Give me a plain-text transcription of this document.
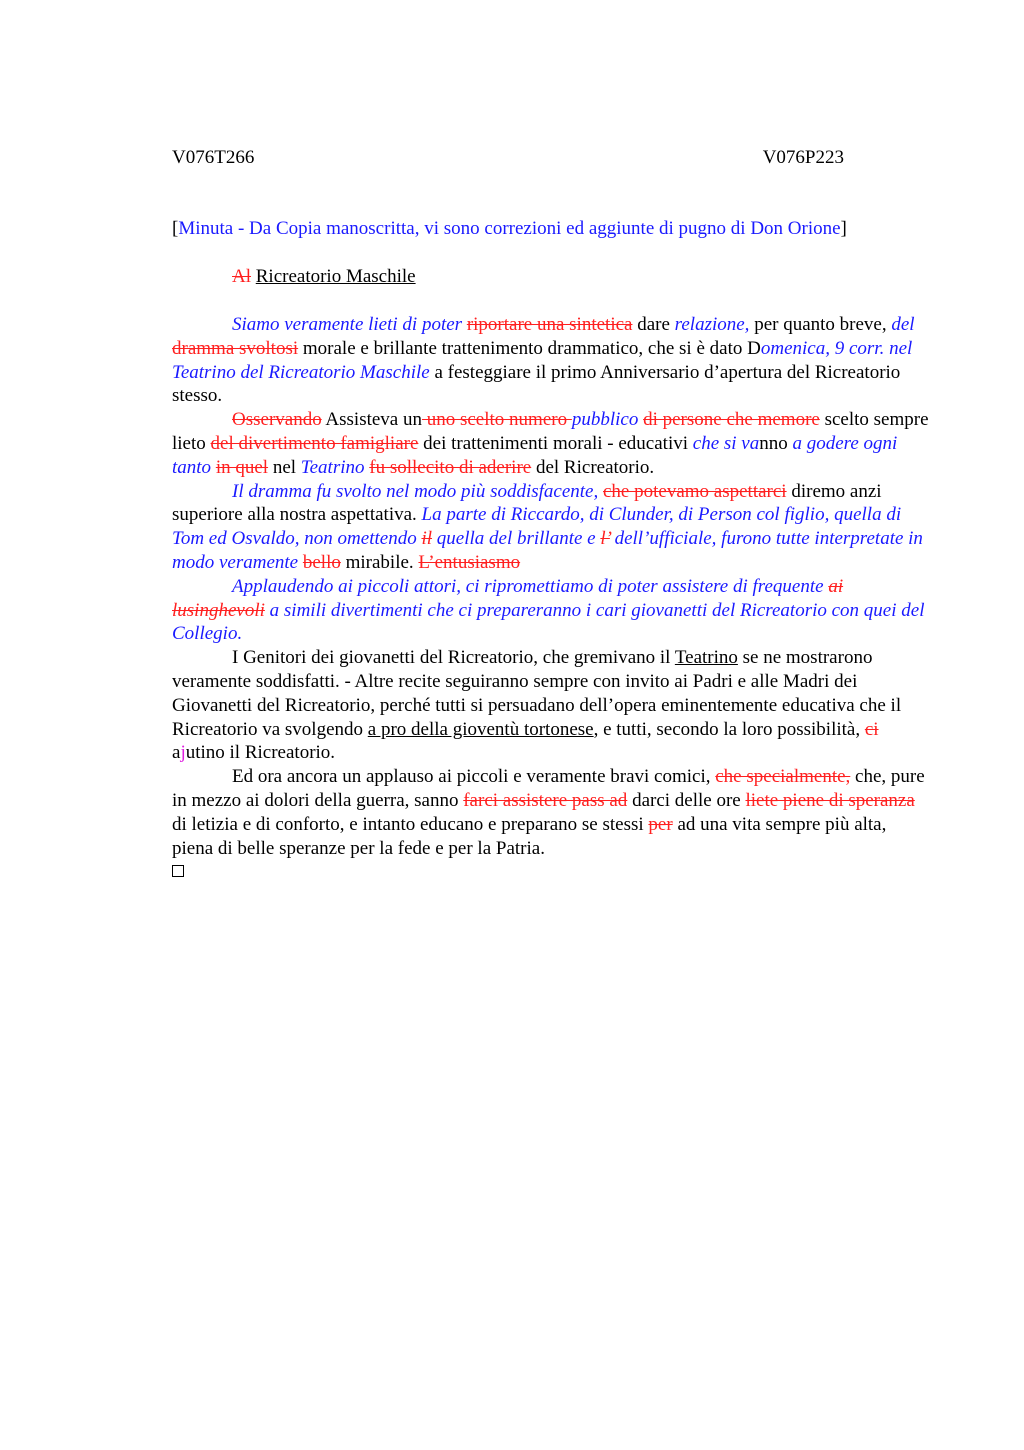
V076T266	V076P223
[Minuta - Da Copia manoscritta, vi sono correzioni ed aggiunte di pugno di Don Orione]
Al Ricreatorio Maschile

Siamo veramente lieti di poter riportare una sintetica dare relazione, per quanto breve, del dramma svoltosi morale e brillante trattenimento drammatico, che si è dato Domenica, 9 corr. nel Teatrino del Ricreatorio Maschile a festeggiare il primo Anniversario d’apertura del Ricreatorio stesso.

Osservando Assisteva un uno scelto numero pubblico di persone che memore scelto sempre lieto del divertimento famigliare dei trattenimenti morali - educativi che si vanno a godere ogni tanto in quel nel Teatrino fu sollecito di aderire del Ricreatorio.

Il dramma fu svolto nel modo più soddisfacente, che potevamo aspettarci diremo anzi superiore alla nostra aspettativa. La parte di Riccardo, di Clunder, di Person col figlio, quella di Tom ed Osvaldo, non omettendo il quella del brillante e l’ dell’ufficiale, furono tutte interpretate in modo veramente bello mirabile. L’entusiasmo

Applaudendo ai piccoli attori, ci ripromettiamo di poter assistere di frequente ai lusinghevoli a simili divertimenti che ci prepareranno i cari giovanetti del Ricreatorio con quei del Collegio.

I Genitori dei giovanetti del Ricreatorio, che gremivano il Teatrino se ne mostrarono veramente soddisfatti. - Altre recite seguiranno sempre con invito ai Padri e alle Madri dei Giovanetti del Ricreatorio, perché tutti si persuadano dell’opera eminentemente educativa che il Ricreatorio va svolgendo a pro della gioventù tortonese, e tutti, secondo la loro possibilità, ci ajutino il Ricreatorio.

Ed ora ancora un applauso ai piccoli e veramente bravi comici, che specialmente, che, pure in mezzo ai dolori della guerra, sanno farci assistere pass ad darci delle ore liete piene di speranza di letizia e di conforto, e intanto educano e preparano se stessi per ad una vita sempre più alta, piena di belle speranze per la fede e per la Patria.
